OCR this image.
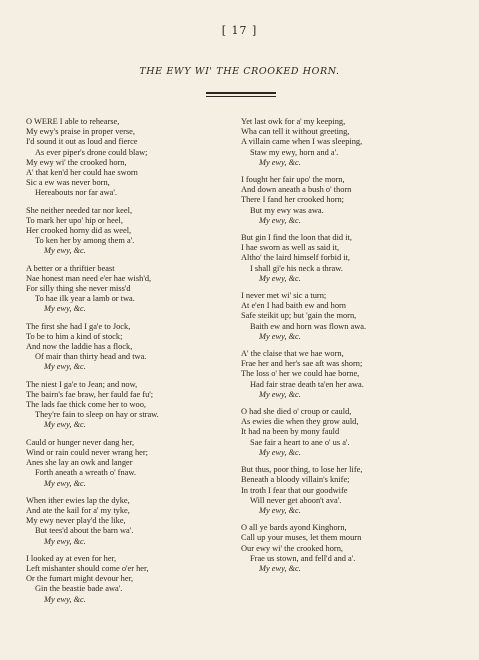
[ 17 ]
THE EWY WI' THE CROOKED HORN.
O WERE I able to rehearse,
My ewy's praise in proper verse,
I'd sound it out as loud and fierce
As ever piper's drone could blaw;
My ewy wi' the crooked horn,
A' that ken'd her could hae sworn
Sic a ew was never born,
Hereabouts nor far awa'.
She neither needed tar nor keel,
To mark her upo' hip or heel,
Her crooked horny did as weel,
To ken her by among them a'.
My ewy, &c.
A better or a thriftier beast
Nae honest man need e'er hae wish'd,
For silly thing she never miss'd
To hae ilk year a lamb or twa.
My ewy, &c.
The first she had I ga'e to Jock,
To be to him a kind of stock;
And now the laddie has a flock,
Of mair than thirty head and twa.
My ewy, &c.
The niest I ga'e to Jean; and now,
The bairn's fae braw, her fauld fae fu';
The lads fae thick come her to woo,
They're fain to sleep on hay or straw.
My ewy, &c.
Cauld or hunger never dang her,
Wind or rain could never wrang her;
Anes she lay an owk and langer
Forth aneath a wreath o' fnaw.
My ewy, &c.
When ither ewies lap the dyke,
And ate the kail for a' my tyke,
My ewy never play'd the like,
But tees'd about the barn wa'.
My ewy, &c.
I looked ay at even for her,
Left mishanter should come o'er her,
Or the fumart might devour her,
Gin the beastie bade awa'.
My ewy, &c.
Yet last owk for a' my keeping,
Wha can tell it without greeting,
A villain came when I was sleeping,
Staw my ewy, horn and a'.
My ewy, &c.
I fought her fair upo' the morn,
And down aneath a bush o' thorn
There I fand her crooked horn;
But my ewy was awa.
My ewy, &c.
But gin I find the loon that did it,
I hae sworn as well as said it,
Altho' the laird himself forbid it,
I shall gi'e his neck a thraw.
My ewy, &c.
I never met wi' sic a turn;
At e'en I had baith ew and horn
Safe steikit up; but 'gain the morn,
Baith ew and horn was flown awa.
My ewy, &c.
A' the claise that we hae worn,
Frae her and her's sae aft was shorn;
The loss o' her we could hae borne,
Had fair strae death ta'en her awa.
My ewy, &c.
O had she died o' croup or cauld,
As ewies die when they grow auld,
It had na been by mony fauld
Sae fair a heart to ane o' us a'.
My ewy, &c.
But thus, poor thing, to lose her life,
Beneath a bloody villain's knife;
In troth I fear that our goodwife
Will never get aboon't ava'.
My ewy, &c.
O all ye bards ayond Kinghorn,
Call up your muses, let them mourn
Our ewy wi' the crooked horn,
Frae us stown, and fell'd and a'.
My ewy, &c.
